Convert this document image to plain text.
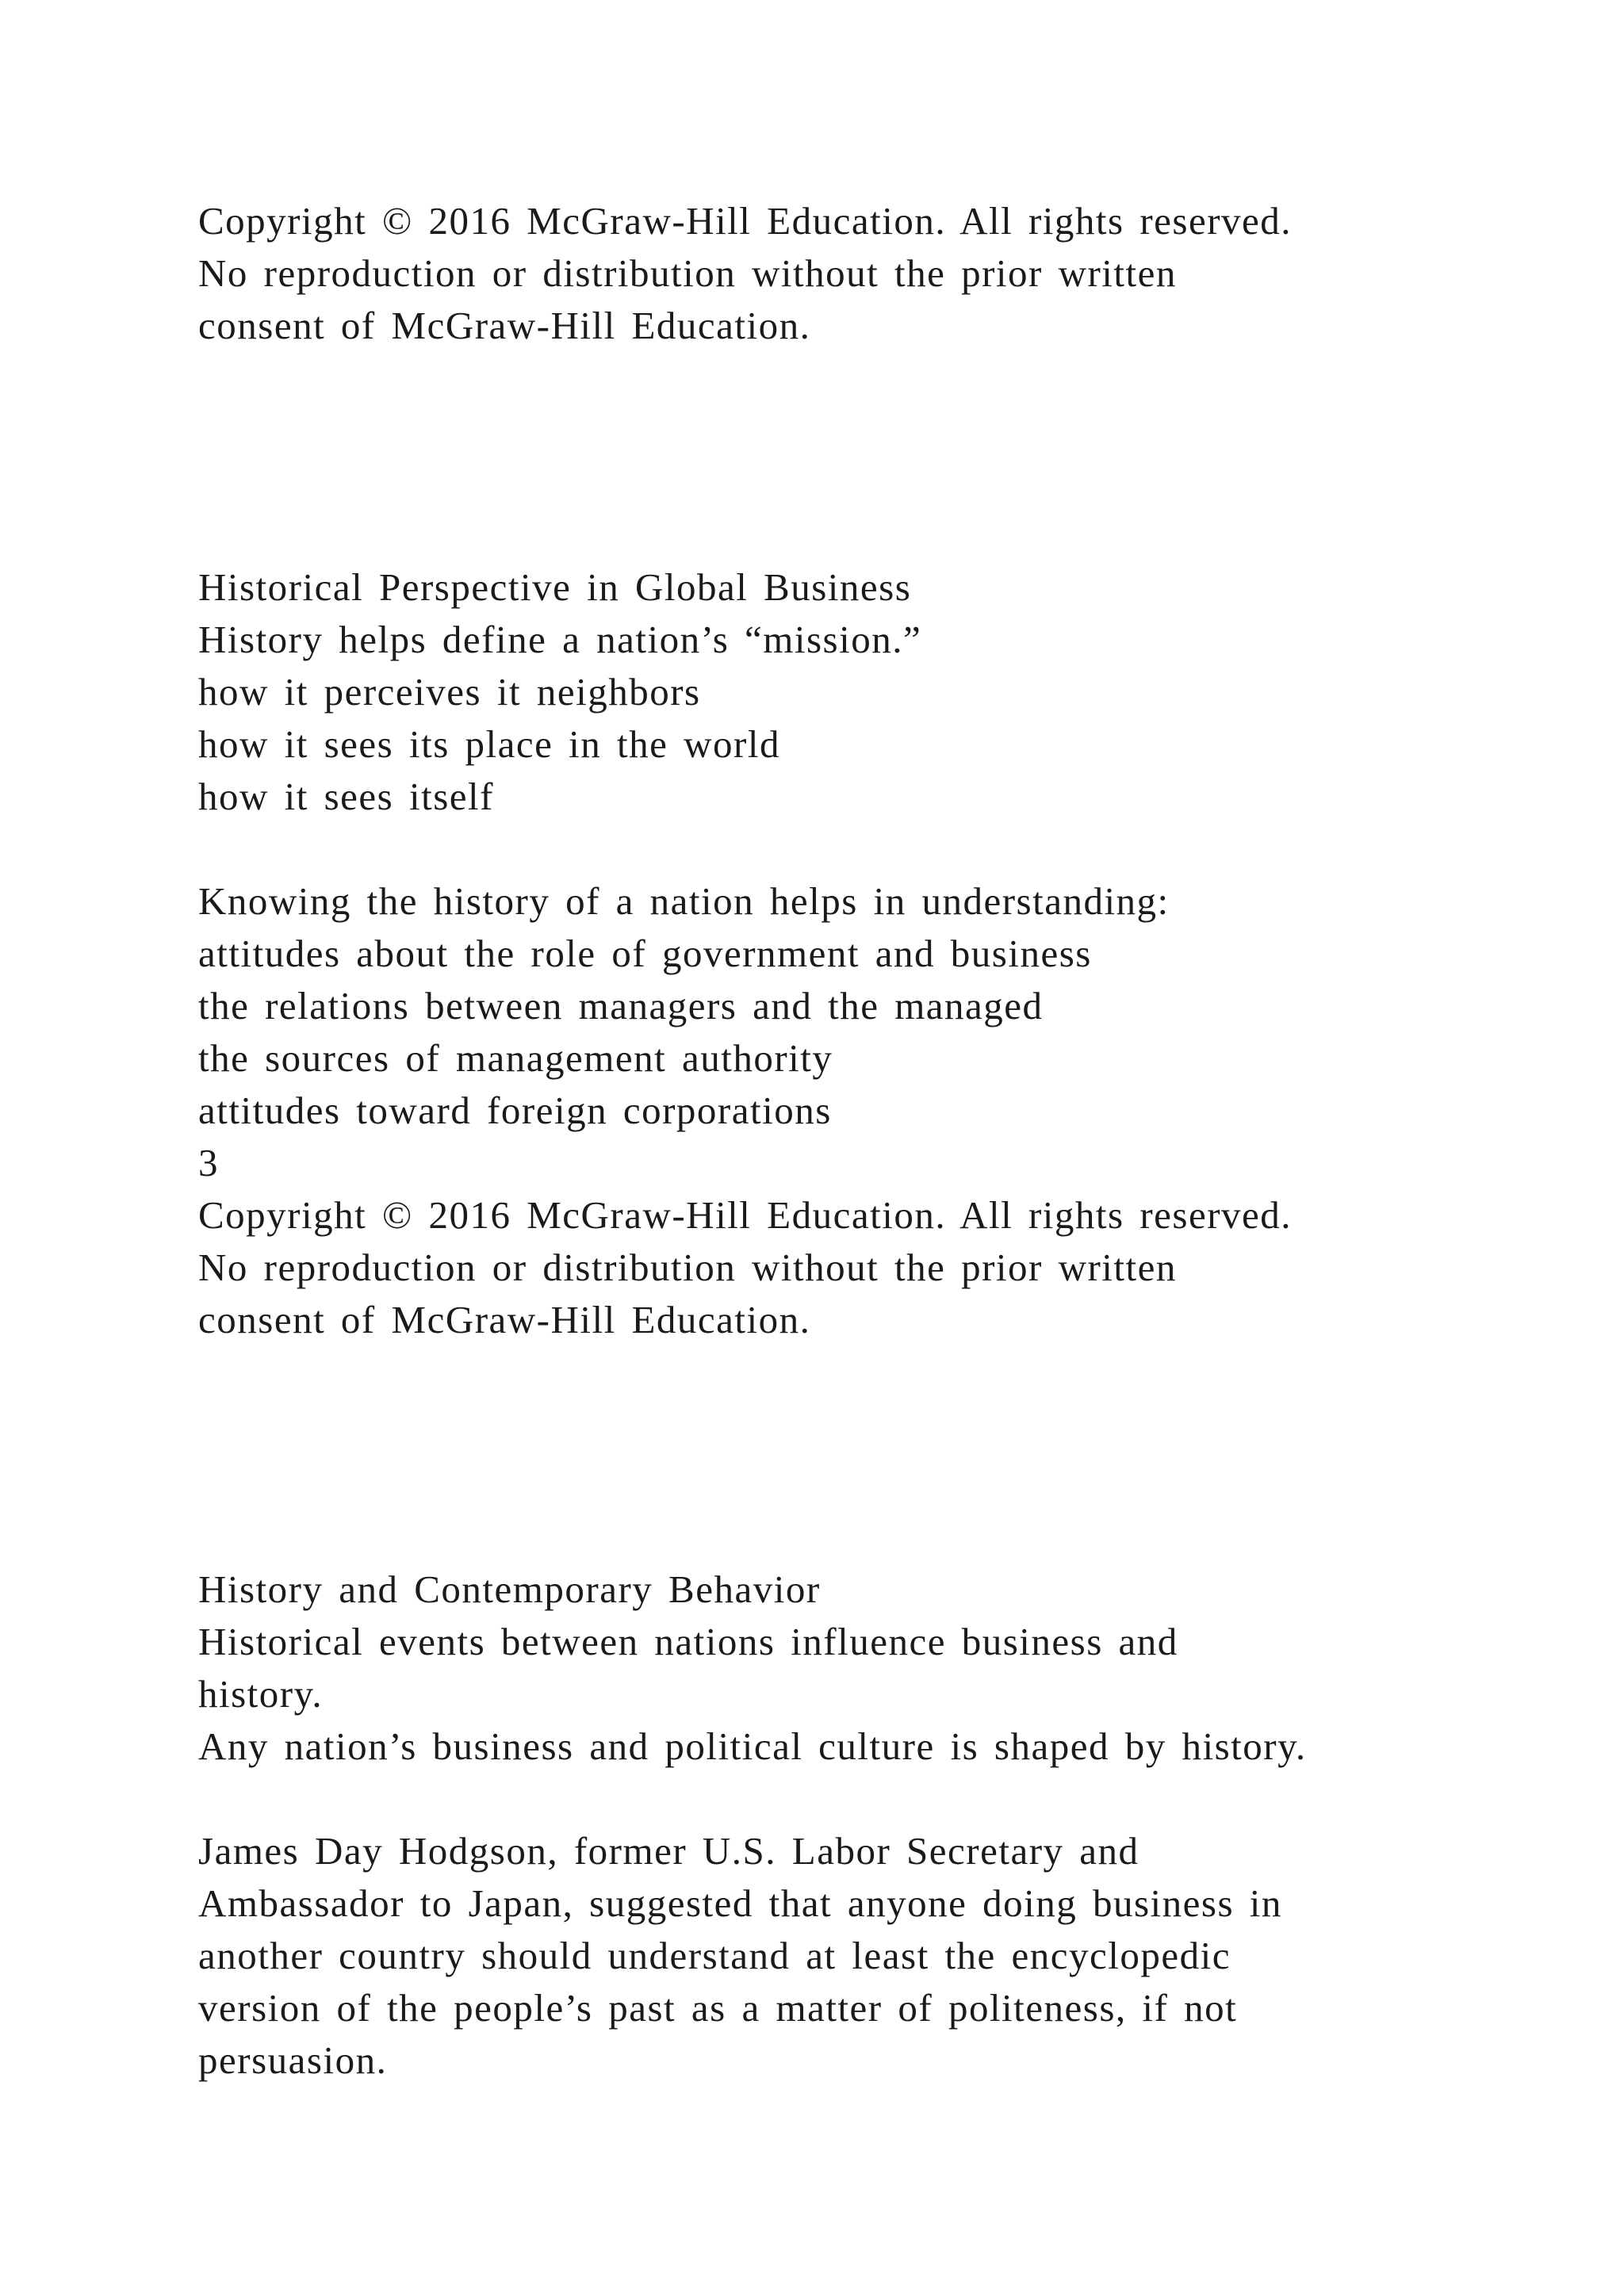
Copyright © 2016 McGraw-Hill Education. All rights reserved.
No reproduction or distribution without the prior written
consent of McGraw-Hill Education.
Historical Perspective in Global Business
History helps define a nation’s “mission.”
how it perceives it neighbors
how it sees its place in the world
how it sees itself
Knowing the history of a nation helps in understanding:
attitudes about the role of government and business
the relations between managers and the managed
the sources of management authority
attitudes toward foreign corporations
3
Copyright © 2016 McGraw-Hill Education. All rights reserved.
No reproduction or distribution without the prior written
consent of McGraw-Hill Education.
History and Contemporary Behavior
Historical events between nations influence business and
history.
Any nation’s business and political culture is shaped by history.
James Day Hodgson, former U.S. Labor Secretary and
Ambassador to Japan, suggested that anyone doing business in
another country should understand at least the encyclopedic
version of the people’s past as a matter of politeness, if not
persuasion.
